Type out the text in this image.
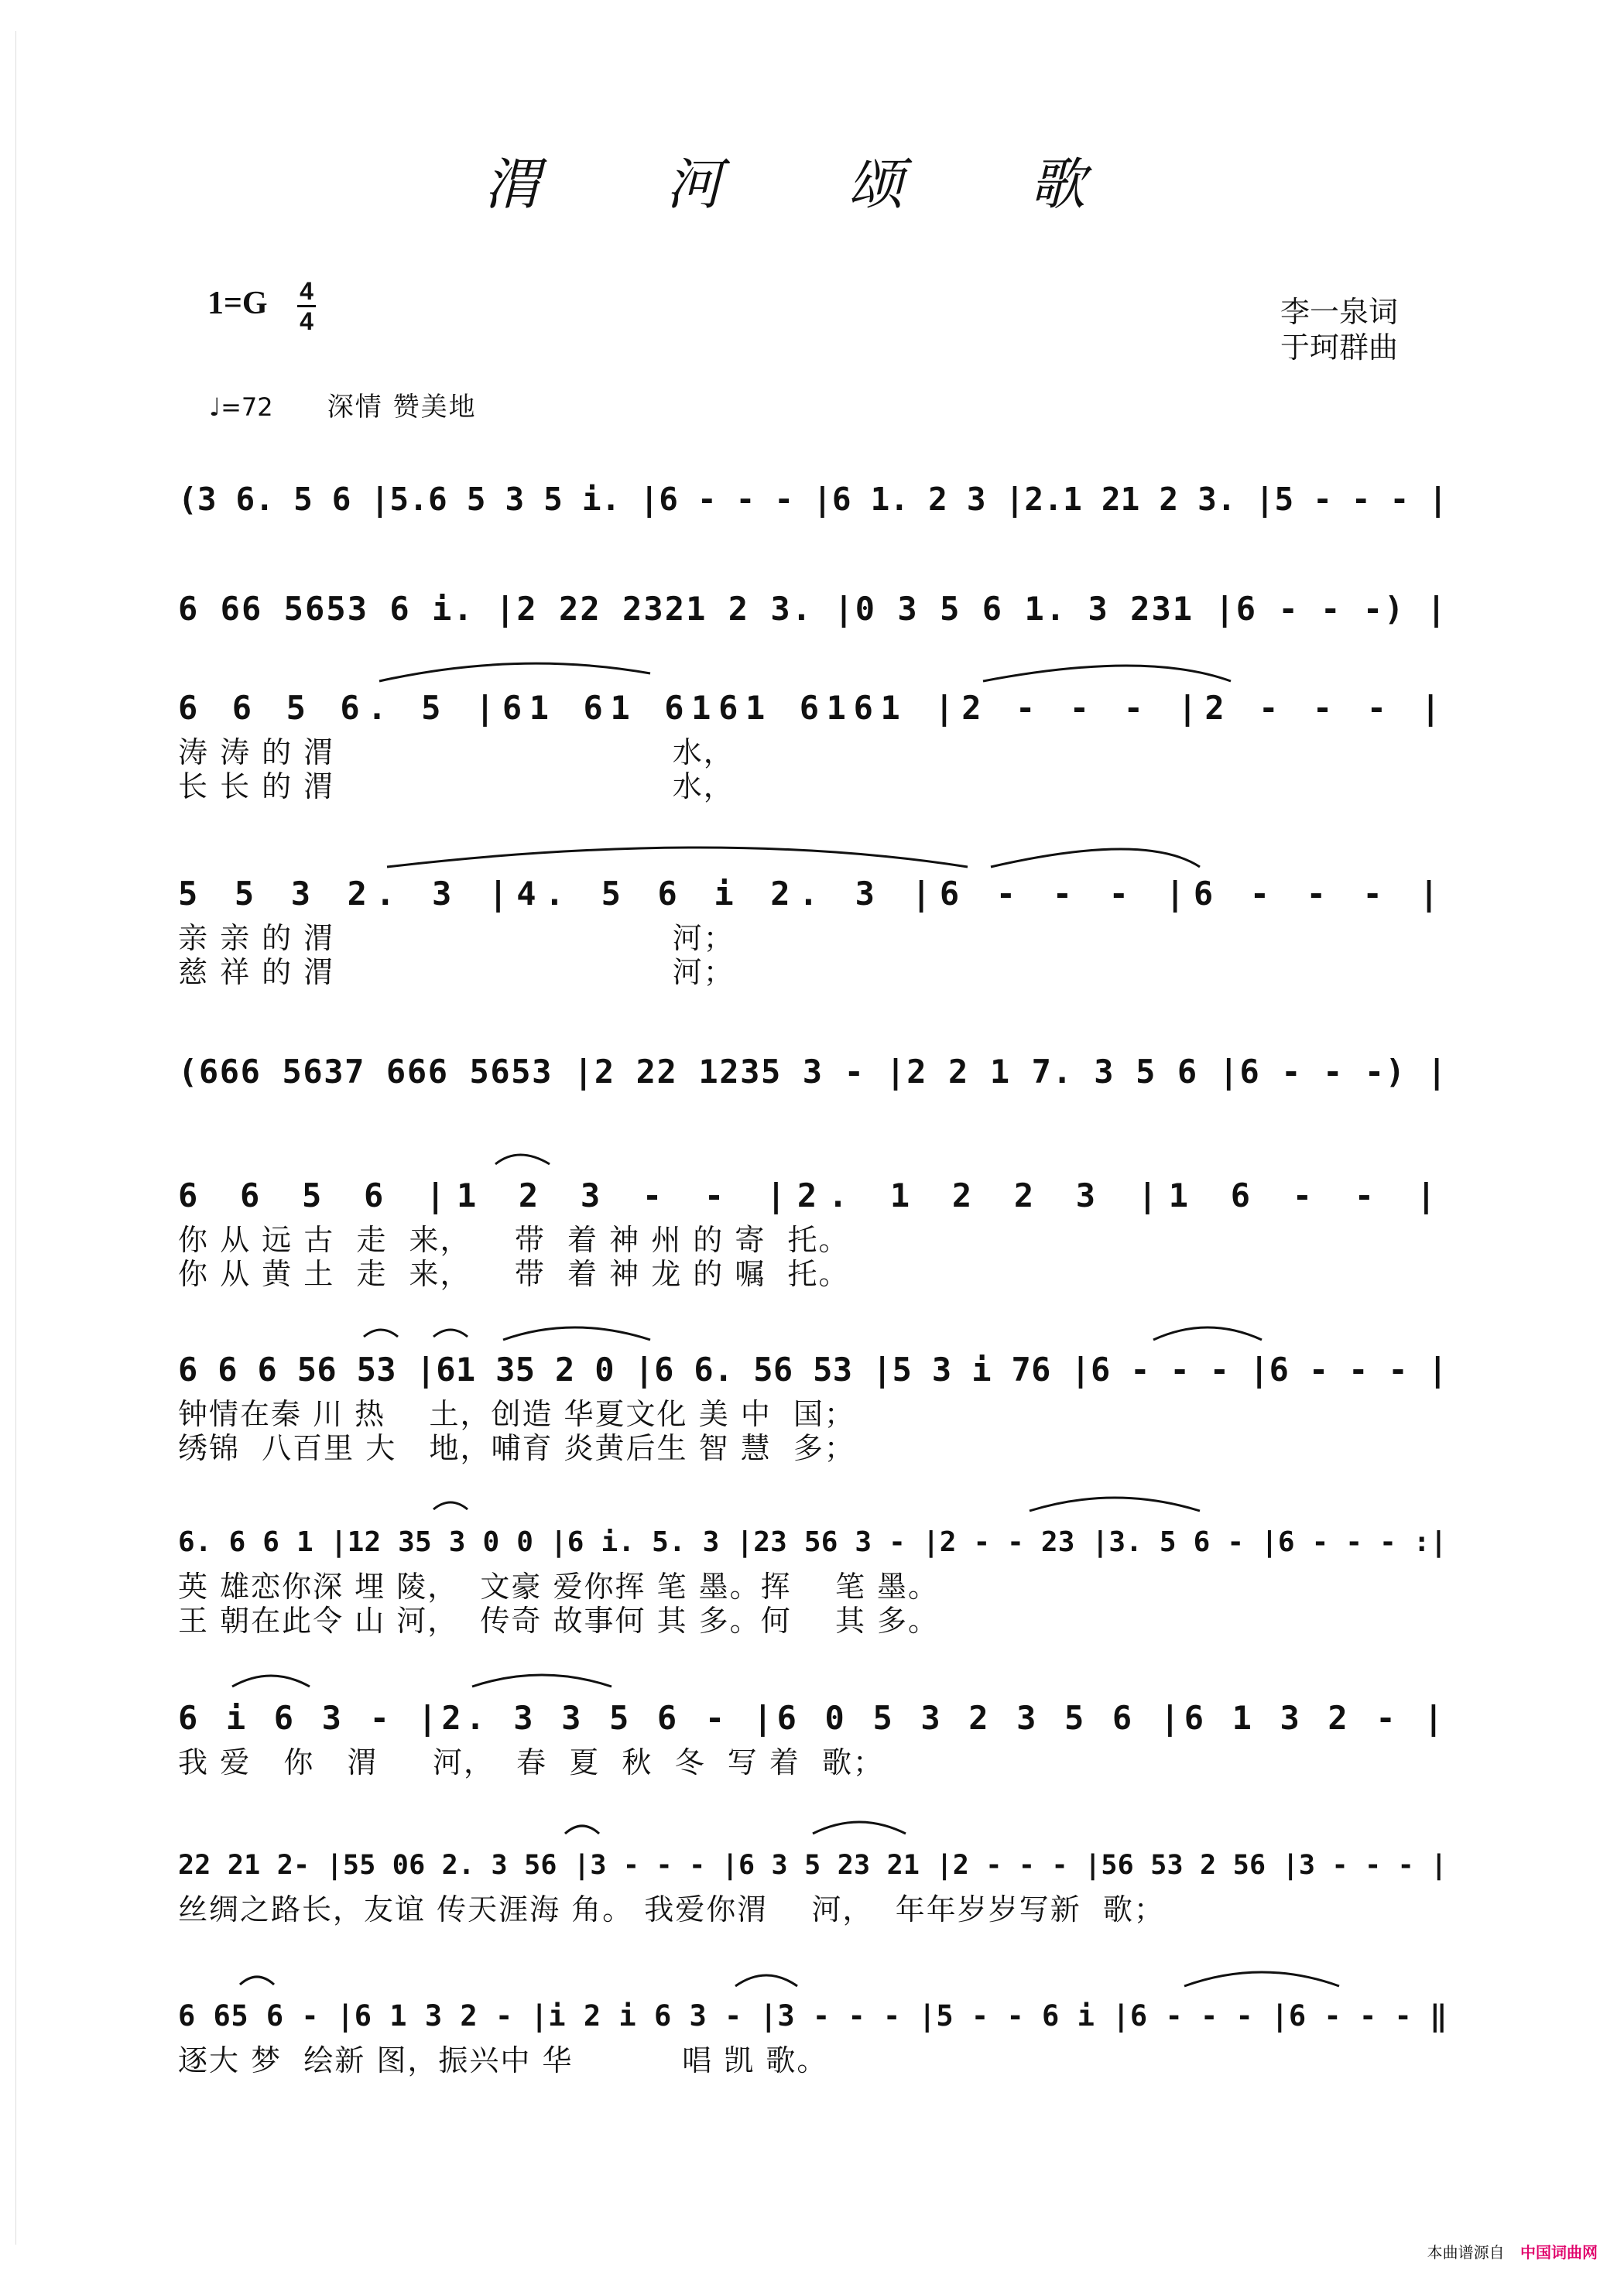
渭 河 颂 歌
1=G 4
4	李一泉词
于珂群曲
♩=72 深情 赞美地
(3 6. 5 6 |5.6 5 3 5 i. |6 - - - |6 1. 2 3 |2.1 21 2 3. |5 - - - |
6 66 5653 6 i. |2 22 2321 2 3. |0 3 5 6 1. 3 231 |6 - - -) |
6 6 5 6. 5 |61 61 6161 6161 |2 - - - |2 - - - |
涛 涛 的 渭                               水，
长 长 的 渭                               水，
5 5 3 2. 3 |4. 5 6 i 2. 3 |6 - - - |6 - - - |
亲 亲 的 渭                               河；
慈 祥 的 渭                               河；
(666 5637 666 5653 |2 22 1235 3 - |2 2 1 7. 3 5 6 |6 - - -) |
6 6 5 6 |1 2 3 - - |2. 1 2 2 3 |1 6 - - |
你 从 远 古  走  来，    带  着 神 州 的 寄  托。
你 从 黄 土  走  来，    带  着 神 龙 的 嘱  托。
6 6 6 56 53 |61 35 2 0 |6 6. 56 53 |5 3 i 76 |6 - - - |6 - - - |
钟情在秦 川 热    土，创造 华夏文化 美 中  国；
绣锦  八百里 大   地，哺育 炎黄后生 智 慧  多；
6. 6 6 1 |12 35 3 0 0 |6 i. 5. 3 |23 56 3 - |2 - - 23 |3. 5 6 - |6 - - - :|
英 雄恋你深 埋 陵，  文豪 爱你挥 笔 墨。挥    笔 墨。
王 朝在此令 山 河，  传奇 故事何 其 多。何    其 多。
6 i 6 3 - |2. 3 3 5 6 - |6 0 5 3 2 3 5 6 |6 1 3 2 - |
我 爱   你   渭     河，  春  夏  秋  冬  写 着  歌；
22 21 2- |55 06 2. 3 56 |3 - - - |6 3 5 23 21 |2 - - - |56 53 2 56 |3 - - - |
丝绸之路长，友谊 传天涯海 角。 我爱你渭    河，  年年岁岁写新  歌；
6 65 6 - |6 1 3 2 - |i 2 i 6 3 - |3 - - - |5 - - 6 i |6 - - - |6 - - - ‖
逐大 梦  绘新 图，振兴中 华          唱 凯 歌。
本曲谱源自 中国词曲网
